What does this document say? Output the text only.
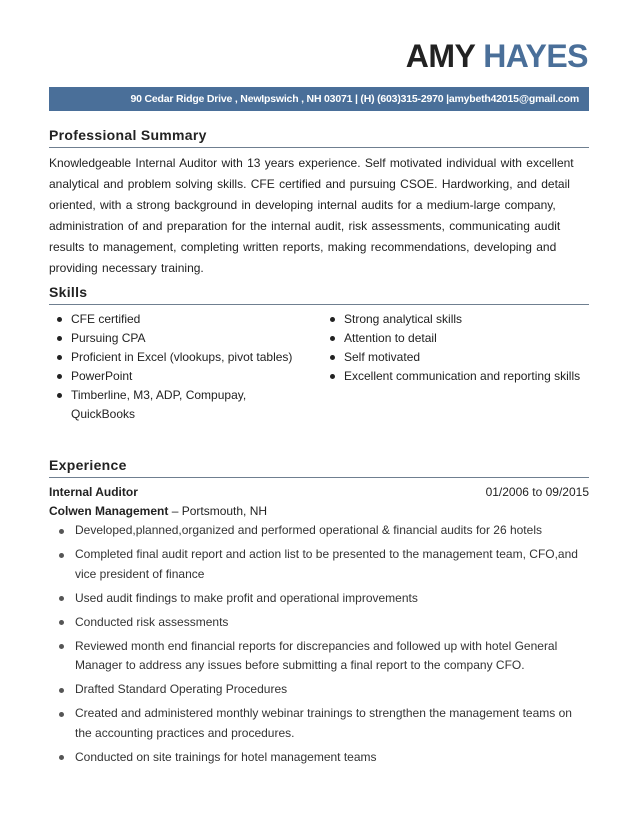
AMY HAYES
90 Cedar Ridge Drive , NewIpswich , NH 03071 | (H) (603)315-2970 |amybeth42015@gmail.com
Professional Summary

Knowledgeable Internal Auditor with 13 years experience. Self motivated individual with excellent analytical and problem solving skills. CFE certified and pursuing CSOE. Hardworking, and detail oriented, with a strong background in developing internal audits for a medium-large company, administration of and preparation for the internal audit, risk assessments, communicating audit results to management, completing written reports, making recommendations, developing and providing necessary training.

Skills
CFE certified
Pursuing CPA
Proficient in Excel (vlookups, pivot tables)
PowerPoint
Timberline, M3, ADP, Compupay, QuickBooks
Strong analytical skills
Attention to detail
Self motivated
Excellent communication and reporting skills
Experience
Internal Auditor	01/2006 to 09/2015
Colwen Management – Portsmouth, NH
Developed,planned,organized and performed operational & financial audits for 26 hotels
Completed final audit report and action list to be presented to the management team, CFO,and vice president of finance
Used audit findings to make profit and operational improvements
Conducted risk assessments
Reviewed month end financial reports for discrepancies and followed up with hotel General Manager to address any issues before submitting a final report to the company CFO.
Drafted Standard Operating Procedures
Created and administered monthly webinar trainings to strengthen the management teams on the accounting practices and procedures.
Conducted on site trainings for hotel management teams
